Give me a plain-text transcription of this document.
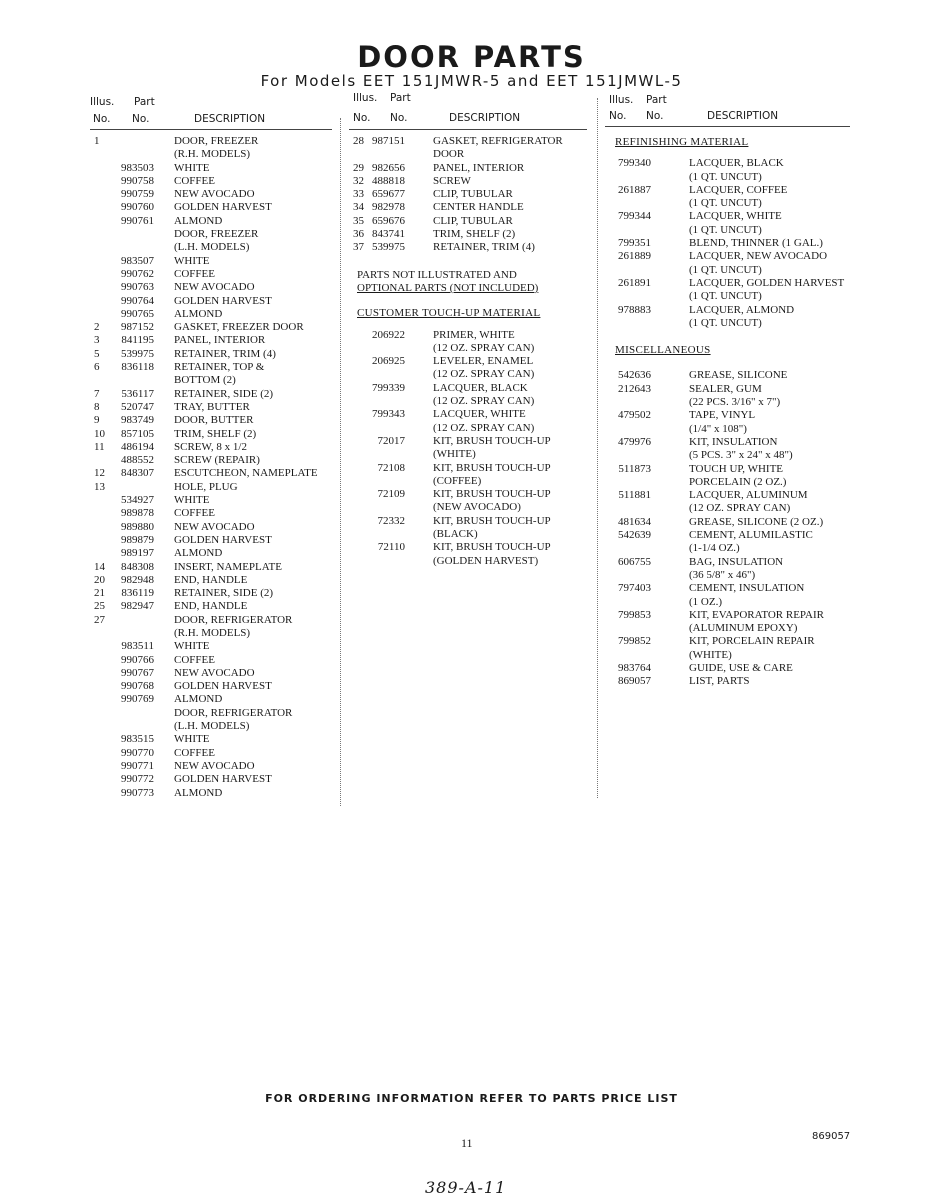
DOOR PARTS
For Models EET 151JMWR-5 and EET 151JMWL-5
Illus. Part
No. No.	DESCRIPTION
1	DOOR, FREEZER
(R.H. MODELS)
983503 WHITE
990758 COFFEE
990759 NEW AVOCADO
990760 GOLDEN HARVEST
990761 ALMOND
DOOR, FREEZER
(L.H. MODELS)
983507 WHITE
990762 COFFEE
990763 NEW AVOCADO
990764 GOLDEN HARVEST
990765 ALMOND
2	987152 GASKET, FREEZER DOOR
3	841195 PANEL, INTERIOR
5	539975 RETAINER, TRIM (4)
6	836118 RETAINER, TOP &
BOTTOM (2)
7	536117 RETAINER, SIDE (2)
8	520747 TRAY, BUTTER
9	983749 DOOR, BUTTER
10	857105 TRIM, SHELF (2)
11	486194 SCREW, 8 x 1/2
488552 SCREW (REPAIR)
12	848307 ESCUTCHEON, NAMEPLATE
13	HOLE, PLUG
534927 WHITE
989878 COFFEE
989880 NEW AVOCADO
989879 GOLDEN HARVEST
989197 ALMOND
14	848308 INSERT, NAMEPLATE
20	982948 END, HANDLE
21	836119 RETAINER, SIDE (2)
25	982947 END, HANDLE
27	DOOR, REFRIGERATOR
(R.H. MODELS)
983511 WHITE
990766 COFFEE
990767 NEW AVOCADO
990768 GOLDEN HARVEST
990769 ALMOND
DOOR, REFRIGERATOR
(L.H. MODELS)
983515 WHITE
990770 COFFEE
990771 NEW AVOCADO
990772 GOLDEN HARVEST
990773 ALMOND
Illus. Part
No. No.	DESCRIPTION
28 987151	GASKET, REFRIGERATOR
DOOR
29 982656	PANEL, INTERIOR
32 488818	SCREW
33 659677	CLIP, TUBULAR
34 982978	CENTER HANDLE
35 659676	CLIP, TUBULAR
36 843741	TRIM, SHELF (2)
37 539975	RETAINER, TRIM (4)
PARTS NOT ILLUSTRATED AND
OPTIONAL PARTS (NOT INCLUDED)
CUSTOMER TOUCH-UP MATERIAL
206922	PRIMER, WHITE
(12 OZ. SPRAY CAN)
206925	LEVELER, ENAMEL
(12 OZ. SPRAY CAN)
799339	LACQUER, BLACK
(12 OZ. SPRAY CAN)
799343	LACQUER, WHITE
(12 OZ. SPRAY CAN)
72017	KIT, BRUSH TOUCH-UP
(WHITE)
72108	KIT, BRUSH TOUCH-UP
(COFFEE)
72109	KIT, BRUSH TOUCH-UP
(NEW AVOCADO)
72332	KIT, BRUSH TOUCH-UP
(BLACK)
72110	KIT, BRUSH TOUCH-UP
(GOLDEN HARVEST)
Illus. Part
No. No.	DESCRIPTION
REFINISHING MATERIAL
799340	LACQUER, BLACK
(1 QT. UNCUT)
261887	LACQUER, COFFEE
(1 QT. UNCUT)
799344	LACQUER, WHITE
(1 QT. UNCUT)
799351	BLEND, THINNER (1 GAL.)
261889	LACQUER, NEW AVOCADO
(1 QT. UNCUT)
261891	LACQUER, GOLDEN HARVEST
(1 QT. UNCUT)
978883	LACQUER, ALMOND
(1 QT. UNCUT)
MISCELLANEOUS
542636	GREASE, SILICONE
212643	SEALER, GUM
(22 PCS. 3/16" x 7")
479502	TAPE, VINYL
(1/4" x 108")
479976	KIT, INSULATION
(5 PCS. 3" x 24" x 48")
511873	TOUCH UP, WHITE
PORCELAIN (2 OZ.)
511881	LACQUER, ALUMINUM
(12 OZ. SPRAY CAN)
481634	GREASE, SILICONE (2 OZ.)
542639	CEMENT, ALUMILASTIC
(1-1/4 OZ.)
606755	BAG, INSULATION
(36 5/8" x 46")
797403	CEMENT, INSULATION
(1 OZ.)
799853	KIT, EVAPORATOR REPAIR
(ALUMINUM EPOXY)
799852	KIT, PORCELAIN REPAIR
(WHITE)
983764	GUIDE, USE & CARE
869057	LIST, PARTS
FOR ORDERING INFORMATION REFER TO PARTS PRICE LIST
11	869057
389-A-11
